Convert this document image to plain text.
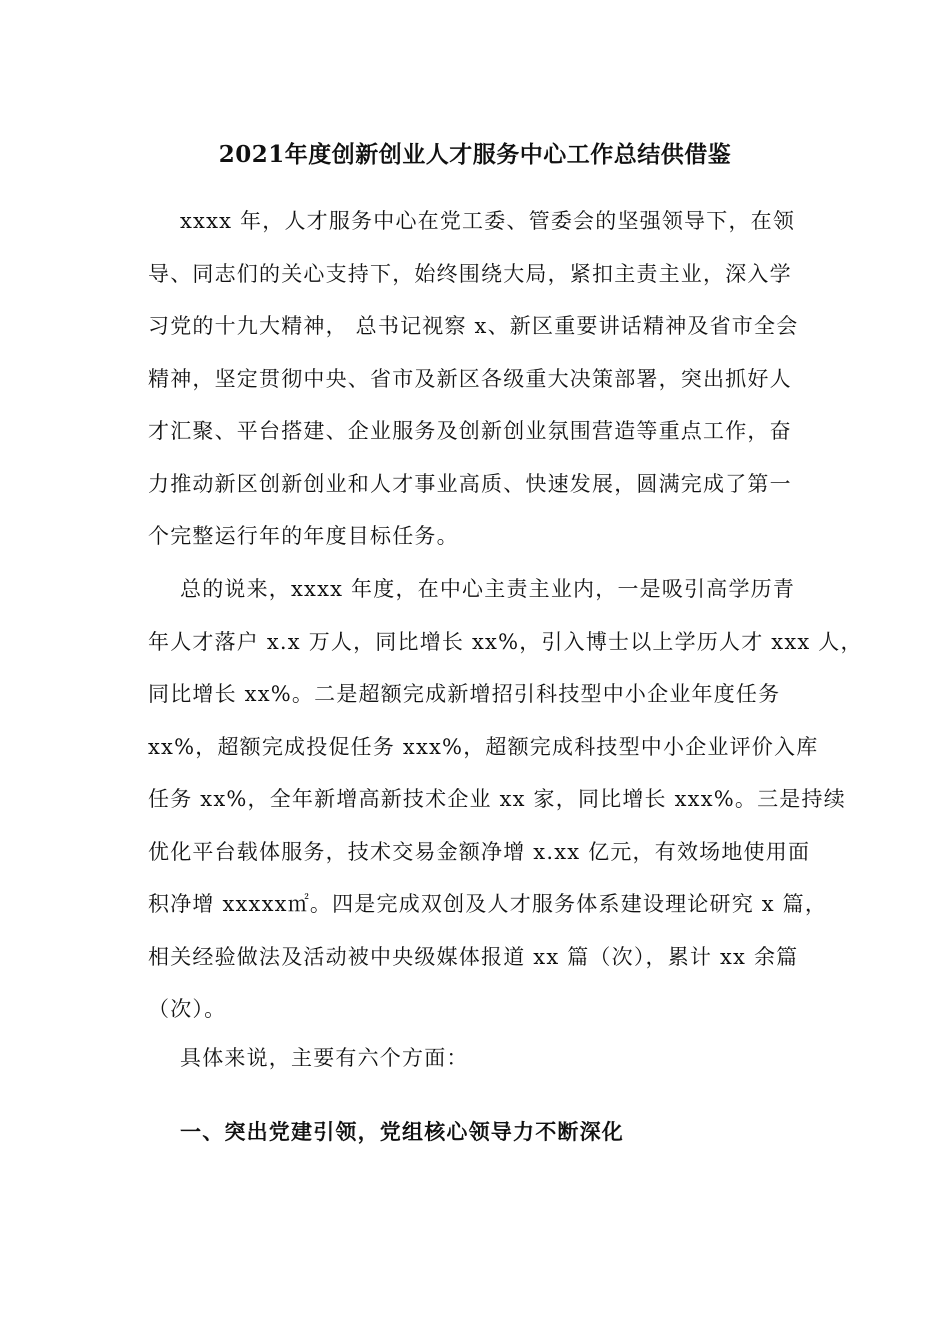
2021年度创新创业人才服务中心工作总结供借鉴
xxxx 年，人才服务中心在党工委、管委会的坚强领导下，在领
导、同志们的关心支持下，始终围绕大局，紧扣主责主业，深入学
习党的十九大精神， 总书记视察 x、新区重要讲话精神及省市全会
精神，坚定贯彻中央、省市及新区各级重大决策部署，突出抓好人
才汇聚、平台搭建、企业服务及创新创业氛围营造等重点工作，奋
力推动新区创新创业和人才事业高质、快速发展，圆满完成了第一
个完整运行年的年度目标任务。
总的说来，xxxx 年度，在中心主责主业内，一是吸引高学历青
年人才落户 x.x 万人，同比增长 xx%，引入博士以上学历人才 xxx 人，
同比增长 xx%。二是超额完成新增招引科技型中小企业年度任务
xx%，超额完成投促任务 xxx%，超额完成科技型中小企业评价入库
任务 xx%，全年新增高新技术企业 xx 家，同比增长 xxx%。三是持续
优化平台载体服务，技术交易金额净增 x.xx 亿元，有效场地使用面
积净增 xxxxx㎡。四是完成双创及人才服务体系建设理论研究 x 篇，
相关经验做法及活动被中央级媒体报道 xx 篇（次），累计 xx 余篇
（次）。
具体来说，主要有六个方面：
一、突出党建引领，党组核心领导力不断深化
